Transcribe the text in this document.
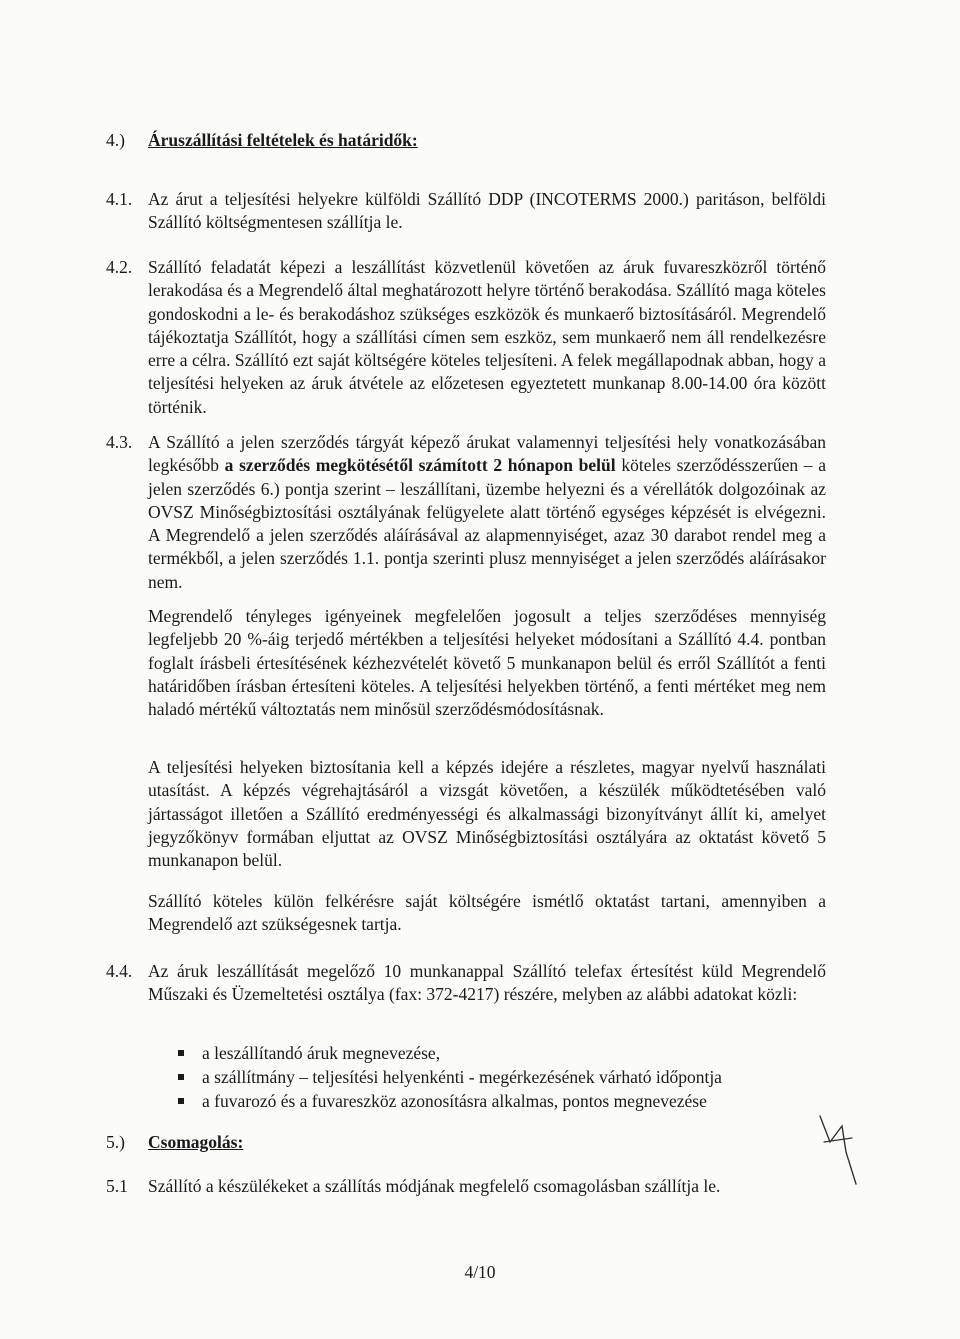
4.) Áruszállítási feltételek és határidők:
4.1. Az árut a teljesítési helyekre külföldi Szállító DDP (INCOTERMS 2000.) paritáson, belföldi Szállító költségmentesen szállítja le.
4.2. Szállító feladatát képezi a leszállítást közvetlenül követően az áruk fuvareszközről történő lerakodása és a Megrendelő által meghatározott helyre történő berakodása. Szállító maga köteles gondoskodni a le- és berakodáshoz szükséges eszközök és munkaerő biztosításáról. Megrendelő tájékoztatja Szállítót, hogy a szállítási címen sem eszköz, sem munkaerő nem áll rendelkezésre erre a célra. Szállító ezt saját költségére köteles teljesíteni. A felek megállapodnak abban, hogy a teljesítési helyeken az áruk átvétele az előzetesen egyeztetett munkanap 8.00-14.00 óra között történik.
4.3. A Szállító a jelen szerződés tárgyát képező árukat valamennyi teljesítési hely vonatkozásában legkésőbb a szerződés megkötésétől számított 2 hónapon belül köteles szerződésszerűen – a jelen szerződés 6.) pontja szerint – leszállítani, üzembe helyezni és a vérellátók dolgozóinak az OVSZ Minőségbiztosítási osztályának felügyelete alatt történő egységes képzését is elvégezni. A Megrendelő a jelen szerződés aláírásával az alapmennyiséget, azaz 30 darabot rendel meg a termékből, a jelen szerződés 1.1. pontja szerinti plusz mennyiséget a jelen szerződés aláírásakor nem.
Megrendelő tényleges igényeinek megfelelően jogosult a teljes szerződéses mennyiség legfeljebb 20 %-áig terjedő mértékben a teljesítési helyeket módosítani a Szállító 4.4. pontban foglalt írásbeli értesítésének kézhezvételét követő 5 munkanapon belül és erről Szállítót a fenti határidőben írásban értesíteni köteles. A teljesítési helyekben történő, a fenti mértéket meg nem haladó mértékű változtatás nem minősül szerződésmódosításnak.
A teljesítési helyeken biztosítania kell a képzés idejére a részletes, magyar nyelvű használati utasítást. A képzés végrehajtásáról a vizsgát követően, a készülék működtetésében való jártasságot illetően a Szállító eredményességi és alkalmassági bizonyítványt állít ki, amelyet jegyzőkönyv formában eljuttat az OVSZ Minőségbiztosítási osztályára az oktatást követő 5 munkanapon belül.
Szállító köteles külön felkérésre saját költségére ismétlő oktatást tartani, amennyiben a Megrendelő azt szükségesnek tartja.
4.4. Az áruk leszállítását megelőző 10 munkanappal Szállító telefax értesítést küld Megrendelő Műszaki és Üzemeltetési osztálya (fax: 372-4217) részére, melyben az alábbi adatokat közli:
a leszállítandó áruk megnevezése,
a szállítmány – teljesítési helyenkénti - megérkezésének várható időpontja
a fuvarozó és a fuvareszköz azonosításra alkalmas, pontos megnevezése
5.) Csomagolás:
5.1	Szállító a készülékeket a szállítás módjának megfelelő csomagolásban szállítja le.
4/10
